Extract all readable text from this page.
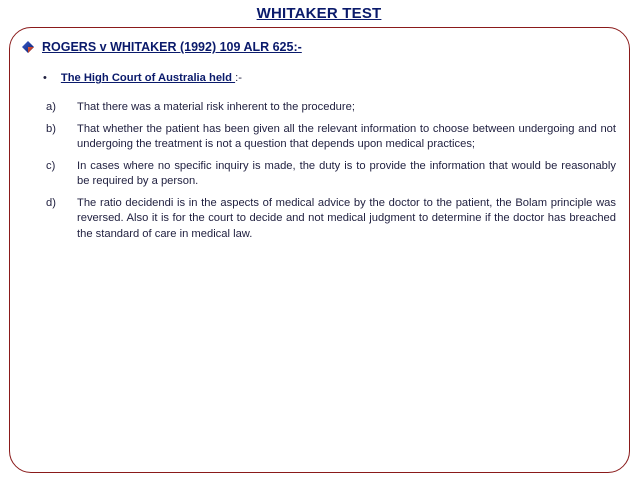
WHITAKER TEST
ROGERS v WHITAKER (1992) 109 ALR 625:-
• The High Court of Australia held :-
a)	That there was a material risk inherent to the procedure;
b)	That whether the patient has been given all the relevant information to choose between undergoing and not undergoing the treatment is not a question that depends upon medical practices;
c)	In cases where no specific inquiry is made, the duty is to provide the information that would be reasonably be required by a person.
d)	The ratio decidendi is in the aspects of medical advice by the doctor to the patient, the Bolam principle was reversed. Also it is for the court to decide and not medical judgment to determine if the doctor has breached the standard of care in medical law.
